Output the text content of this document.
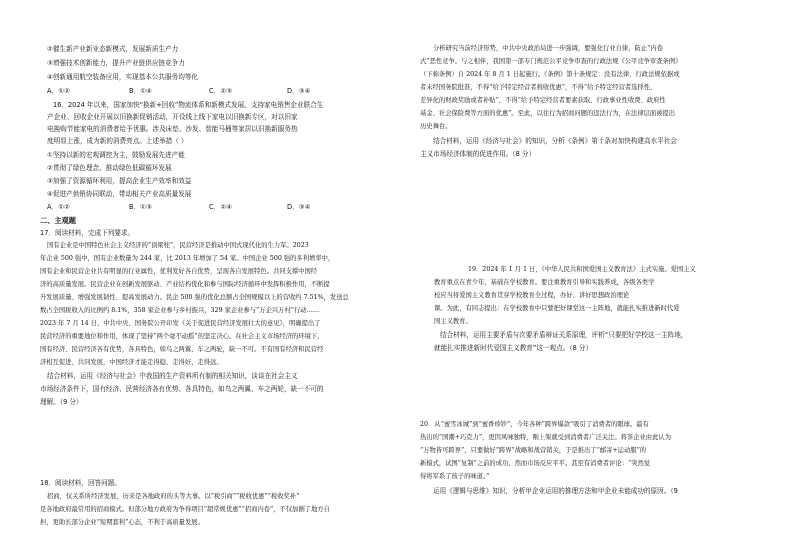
②催生新产业新业态新模式，发展新质生产力
③增强技术创新能力，提升产业链供应链竞争力
④创新通用航空装备应用，实现基本公共服务均等化
A．①②	B．①④	C．②③	D．③④
16．2024 年以来，国家加快“换新+回收”物流体系和新模式发展。支持家电销售企业联合生
产企业、回收企业开展以旧换新促销活动，开设线上线下家电以旧换新专区，对以旧家
电换购节能家电的消费者给予优惠。涉及床垫、沙发、智能马桶等家居以旧换新服务热
度明显上涨，成为新的消费亮点。上述举措（ ）
①坚持以新的宏观调控为主，鼓励发展先进产能
②贯彻了绿色理念，推动绿色低碳循环发展
③加强了资源循环利用，提高企业生产效率和效益
④促进产供销协同联动，带动相关产业高质量发展
A．①②	B．①③	C．②④	D．③④
二、主观题
17．阅读材料，完成下列要求。
国有企业是中国特色社会主义经济的“顶梁柱”，民营经济是推动中国式现代化的生力军。2023
年企业 500 强中，国有企业数量为 244 家，比 2013 年增加了 54 家。中国企业 500 强的多利增率中，
国有企业和民营企业共有明显的行业属性，优利发好各自优势，呈现各自发展特色。共同支撑中国经
济的高质量发展。民营企业在创新发展驱动、产业结构优化和参与国际经济循环中发挥积极作用，不断提
升发展质量、增强发展韧性、提高发展动力。民企 500 强的优化总额占全国规模以上的营收约 7.51%，发送总
数占全国税收入的比例约 8.1%，358 家企业参与乡村振兴，329 家企业参与“万企兴万村”行动……
2023 年 7 月 14 日，中共中央、国务院公开印发《关于促进民营经济发展壮大的意见》，明确提出了
民营经济的重要地位和作用，体现了坚持“两个毫不动摇”的坚定决心。在社会主义市场经济的环境下，
国有经济、民营经济各有优势，各具特色，如鸟之两翼、车之两轮，缺一不可。不有国有经济和民营经
济相互促进、共同发展，中国经济才能走得稳、走得好、走得远。
结合材料，运用《经济与社会》中我国的生产资料所有制的相关知识，谈谈在社会主义
市场经济条件下，国有经济、民营经济各有优势、各具特色，如鸟之两翼、车之两轮，缺一不可的
理解。（9 分）
18．阅读材料，回答问题。
招商，仅关系所经济发展，历来是各地政府的头等大事。以“税引商”“税收优惠”“税收奖补”
是各地政府最常用的招商模式。但部分地方政府为争得项目“超常规优惠”“招商内卷”，不仅加剧了地方自
担，更助长部分企业“短期套利”心态，不利于高质量发展。
分析研究当前经济形势，中共中央政治局进一步强调，要强化行业自律，防止“内卷
式”恶性竞争。与之相伴，我国第一部专门规范公平竞争审查的行政法规《公平竞争审查条例》
（下称条例）自 2024 年 8 月 1 日起施行。《条例》第十条规定：没有法律、行政法规依据或
者未经国务院批准，不得“给予特定经营者税收优惠”，不得“给予特定经营者选择性、
差异化的财政奖励或者补贴”，不得“给予特定经营者要素获取、行政事业性收费、政府性
基金、社会保险费等方面的优惠”。至此，以往行为招商问题的违法行为，在法律层面被提出
历史舞台。
结合材料，运用《经济与社会》的知识，分析《条例》第十条对加快构建高水平社会
主义市场经济体制的促进作用。（8 分）
19．2024 年 1 月 1 日，《中华人民共和国爱国主义教育法》主式实施。爱国主义
教育重点在青少年，基础在学校教育。要注重教育引导和实践养成，各级各类学
校应当将爱国主义教育贯穿学校教育全过程，办好、讲好思想政治理论
课。为此，有同志提出：在学校教育中只要把好课堂这一主阵地，就能扎实推进新时代爱
国主义教育。
结合材料，运用主要矛盾与次要矛盾辩证关系原理，评析“只要把好学校这一主阵地，
就能扎实推进新时代爱国主义教育”这一观点。（8 分）
20．从“蜜雪冰城”到“蜜香珍钞”，今年各种“跨界爆款”吸引了消费者的眼球。最有
热出的“国潮+巧克力”，更因风味独特，刚上架就受到消费者广泛关注。将茶企业由此认为
“万物皆可跨界”，只要做好“跨界”战略和战营销关，于是推出了“邮寄+运动服”的
新模式，试图“复制”之前的成功，然而市场反应平平。甚至有消费者评论：“突然觉
得将军系了孩子的味道。”
运用《逻辑与思维》知识，分析甲企业运用的推理方法和甲企业未能成功的原因。（9
